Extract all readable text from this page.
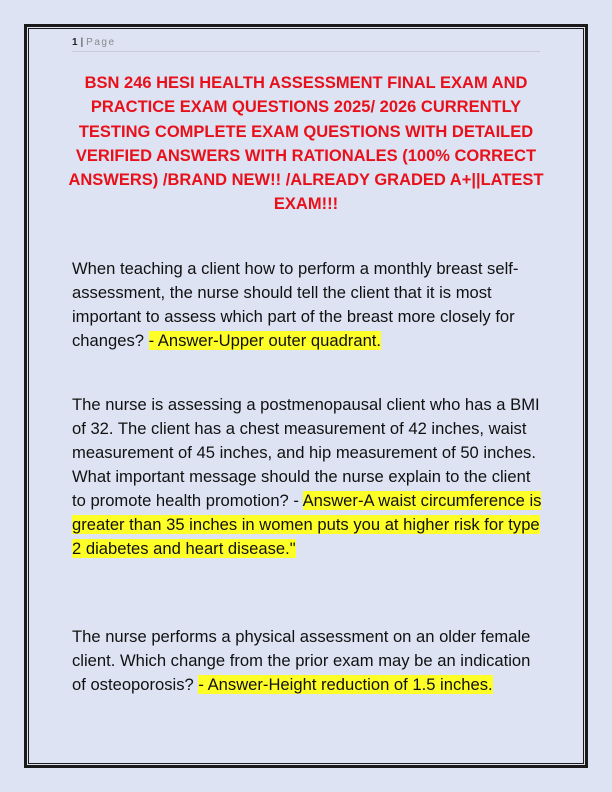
1 | Page
BSN 246 HESI HEALTH ASSESSMENT FINAL EXAM AND PRACTICE EXAM QUESTIONS 2025/ 2026 CURRENTLY TESTING COMPLETE EXAM QUESTIONS WITH DETAILED VERIFIED ANSWERS WITH RATIONALES (100% CORRECT ANSWERS) /BRAND NEW!! /ALREADY GRADED A+||LATEST EXAM!!!

When teaching a client how to perform a monthly breast self-assessment, the nurse should tell the client that it is most important to assess which part of the breast more closely for changes? - Answer-Upper outer quadrant.

The nurse is assessing a postmenopausal client who has a BMI of 32. The client has a chest measurement of 42 inches, waist measurement of 45 inches, and hip measurement of 50 inches. What important message should the nurse explain to the client to promote health promotion? - Answer-A waist circumference is greater than 35 inches in women puts you at higher risk for type 2 diabetes and heart disease."

The nurse performs a physical assessment on an older female client. Which change from the prior exam may be an indication of osteoporosis? - Answer-Height reduction of 1.5 inches.
